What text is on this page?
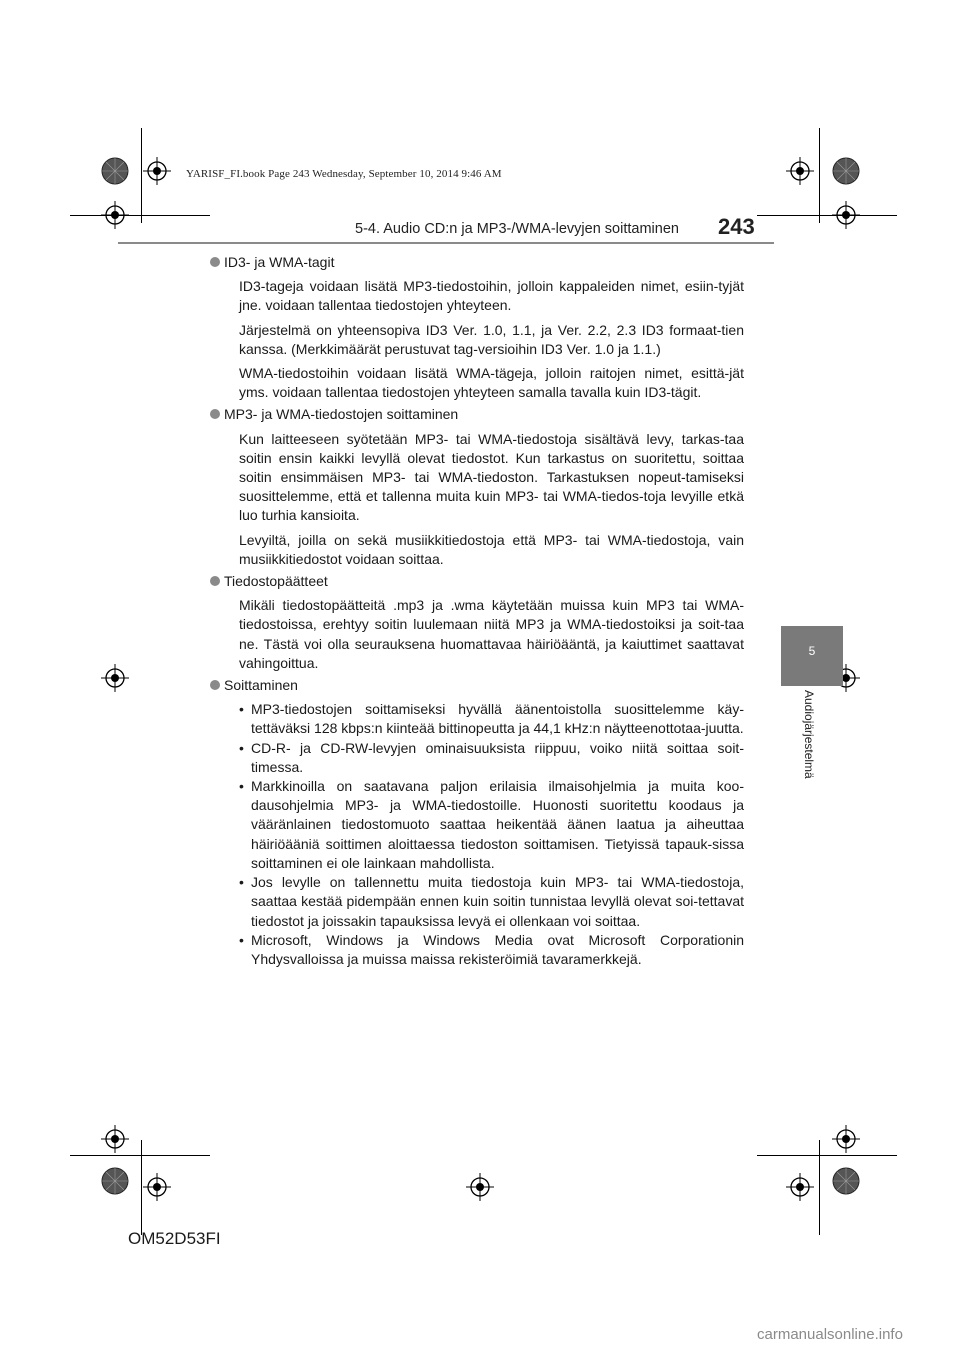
YARISF_FI.book Page 243 Wednesday, September 10, 2014 9:46 AM
5-4. Audio CD:n ja MP3-/WMA-levyjen soittaminen 243
5
Audiojärjestelmä
ID3- ja WMA-tagit

ID3-tageja voidaan lisätä MP3-tiedostoihin, jolloin kappaleiden nimet, esiin-tyjät jne. voidaan tallentaa tiedostojen yhteyteen.

Järjestelmä on yhteensopiva ID3 Ver. 1.0, 1.1, ja Ver. 2.2, 2.3 ID3 formaat-tien kanssa. (Merkkimäärät perustuvat tag-versioihin ID3 Ver. 1.0 ja 1.1.)

WMA-tiedostoihin voidaan lisätä WMA-tägeja, jolloin raitojen nimet, esittä-jät yms. voidaan tallentaa tiedostojen yhteyteen samalla tavalla kuin ID3-tägit.

MP3- ja WMA-tiedostojen soittaminen

Kun laitteeseen syötetään MP3- tai WMA-tiedostoja sisältävä levy, tarkas-taa soitin ensin kaikki levyllä olevat tiedostot. Kun tarkastus on suoritettu, soittaa soitin ensimmäisen MP3- tai WMA-tiedoston. Tarkastuksen nopeut-tamiseksi suosittelemme, että et tallenna muita kuin MP3- tai WMA-tiedos-toja levyille etkä luo turhia kansioita.

Levyiltä, joilla on sekä musiikkitiedostoja että MP3- tai WMA-tiedostoja, vain musiikkitiedostot voidaan soittaa.

Tiedostopäätteet

Mikäli tiedostopäätteitä .mp3 ja .wma käytetään muissa kuin MP3 tai WMA-tiedostoissa, erehtyy soitin luulemaan niitä MP3 ja WMA-tiedostoiksi ja soit-taa ne. Tästä voi olla seurauksena huomattavaa häiriöääntä, ja kaiuttimet saattavat vahingoittua.

Soittaminen
• MP3-tiedostojen soittamiseksi hyvällä äänentoistolla suosittelemme käy-tettäväksi 128 kbps:n kiinteää bittinopeutta ja 44,1 kHz:n näytteenottotaa-juutta.
• CD-R- ja CD-RW-levyjen ominaisuuksista riippuu, voiko niitä soittaa soit-timessa.
• Markkinoilla on saatavana paljon erilaisia ilmaisohjelmia ja muita koo-dausohjelmia MP3- ja WMA-tiedostoille. Huonosti suoritettu koodaus ja vääränlainen tiedostomuoto saattaa heikentää äänen laatua ja aiheuttaa häiriöääniä soittimen aloittaessa tiedoston soittamisen. Tietyissä tapauk-sissa soittaminen ei ole lainkaan mahdollista.
• Jos levylle on tallennettu muita tiedostoja kuin MP3- tai WMA-tiedostoja, saattaa kestää pidempään ennen kuin soitin tunnistaa levyllä olevat soi-tettavat tiedostot ja joissakin tapauksissa levyä ei ollenkaan voi soittaa.
• Microsoft, Windows ja Windows Media ovat Microsoft Corporationin Yhdysvalloissa ja muissa maissa rekisteröimiä tavaramerkkejä.
OM52D53FI
carmanualsonline.info
